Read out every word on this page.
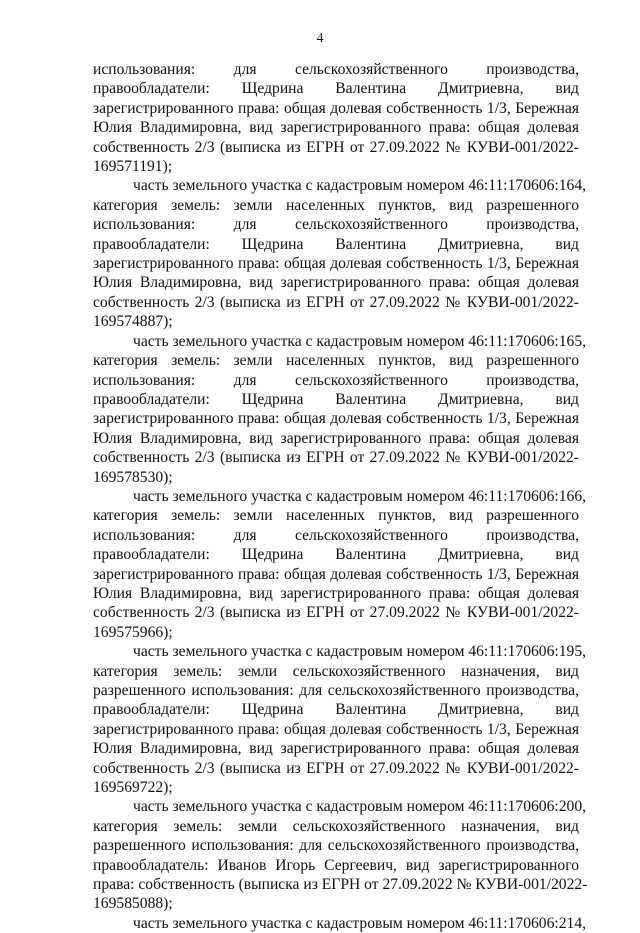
4
использования: для сельскохозяйственного производства,
правообладатели: Щедрина Валентина Дмитриевна, вид
зарегистрированного права: общая долевая собственность 1/3, Бережная
Юлия Владимировна, вид зарегистрированного права: общая долевая
собственность 2/3 (выписка из ЕГРН от 27.09.2022 № КУВИ-001/2022-
169571191);
часть земельного участка с кадастровым номером 46:11:170606:164,
категория земель: земли населенных пунктов, вид разрешенного
использования: для сельскохозяйственного производства,
правообладатели: Щедрина Валентина Дмитриевна, вид
зарегистрированного права: общая долевая собственность 1/3, Бережная
Юлия Владимировна, вид зарегистрированного права: общая долевая
собственность 2/3 (выписка из ЕГРН от 27.09.2022 № КУВИ-001/2022-
169574887);
часть земельного участка с кадастровым номером 46:11:170606:165,
категория земель: земли населенных пунктов, вид разрешенного
использования: для сельскохозяйственного производства,
правообладатели: Щедрина Валентина Дмитриевна, вид
зарегистрированного права: общая долевая собственность 1/3, Бережная
Юлия Владимировна, вид зарегистрированного права: общая долевая
собственность 2/3 (выписка из ЕГРН от 27.09.2022 № КУВИ-001/2022-
169578530);
часть земельного участка с кадастровым номером 46:11:170606:166,
категория земель: земли населенных пунктов, вид разрешенного
использования: для сельскохозяйственного производства,
правообладатели: Щедрина Валентина Дмитриевна, вид
зарегистрированного права: общая долевая собственность 1/3, Бережная
Юлия Владимировна, вид зарегистрированного права: общая долевая
собственность 2/3 (выписка из ЕГРН от 27.09.2022 № КУВИ-001/2022-
169575966);
часть земельного участка с кадастровым номером 46:11:170606:195,
категория земель: земли сельскохозяйственного назначения, вид
разрешенного использования: для сельскохозяйственного производства,
правообладатели: Щедрина Валентина Дмитриевна, вид
зарегистрированного права: общая долевая собственность 1/3, Бережная
Юлия Владимировна, вид зарегистрированного права: общая долевая
собственность 2/3 (выписка из ЕГРН от 27.09.2022 № КУВИ-001/2022-
169569722);
часть земельного участка с кадастровым номером 46:11:170606:200,
категория земель: земли сельскохозяйственного назначения, вид
разрешенного использования: для сельскохозяйственного производства,
правообладатель: Иванов Игорь Сергеевич, вид зарегистрированного
права: собственность (выписка из ЕГРН от 27.09.2022 № КУВИ-001/2022-
169585088);
часть земельного участка с кадастровым номером 46:11:170606:214,
